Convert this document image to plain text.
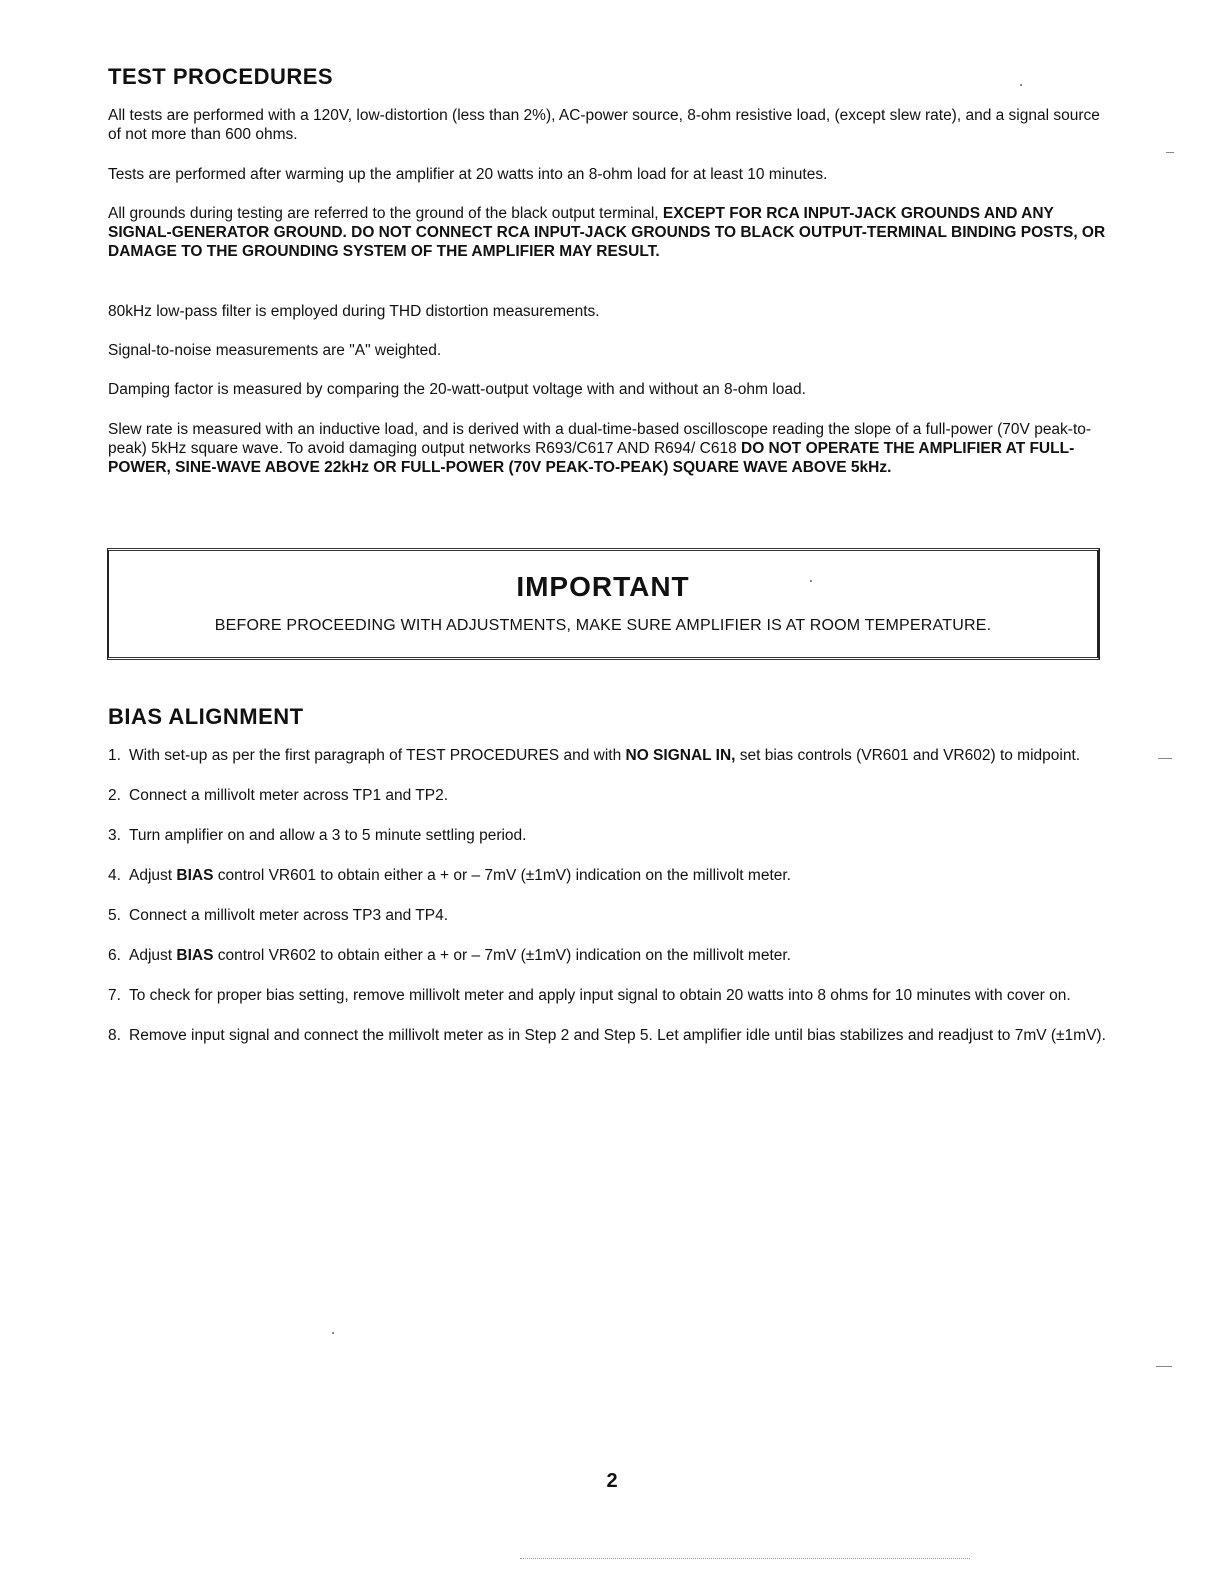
TEST PROCEDURES

All tests are performed with a 120V, low-distortion (less than 2%), AC-power source, 8-ohm resistive load, (except slew rate), and a signal source of not more than 600 ohms.

Tests are performed after warming up the amplifier at 20 watts into an 8-ohm load for at least 10 minutes.

All grounds during testing are referred to the ground of the black output terminal, EXCEPT FOR RCA INPUT-JACK GROUNDS AND ANY SIGNAL-GENERATOR GROUND. DO NOT CONNECT RCA INPUT-JACK GROUNDS TO BLACK OUTPUT-TERMINAL BINDING POSTS, OR DAMAGE TO THE GROUNDING SYSTEM OF THE AMPLIFIER MAY RESULT.

80kHz low-pass filter is employed during THD distortion measurements.

Signal-to-noise measurements are "A" weighted.

Damping factor is measured by comparing the 20-watt-output voltage with and without an 8-ohm load.

Slew rate is measured with an inductive load, and is derived with a dual-time-based oscilloscope reading the slope of a full-power (70V peak-to-peak) 5kHz square wave. To avoid damaging output networks R693/C617 AND R694/ C618 DO NOT OPERATE THE AMPLIFIER AT FULL-POWER, SINE-WAVE ABOVE 22kHz OR FULL-POWER (70V PEAK-TO-PEAK) SQUARE WAVE ABOVE 5kHz.

IMPORTANT
BEFORE PROCEEDING WITH ADJUSTMENTS, MAKE SURE AMPLIFIER IS AT ROOM TEMPERATURE.
BIAS ALIGNMENT
1. With set-up as per the first paragraph of TEST PROCEDURES and with NO SIGNAL IN, set bias controls (VR601 and VR602) to midpoint.
2. Connect a millivolt meter across TP1 and TP2.
3. Turn amplifier on and allow a 3 to 5 minute settling period.
4. Adjust BIAS control VR601 to obtain either a + or – 7mV (±1mV) indication on the millivolt meter.
5. Connect a millivolt meter across TP3 and TP4.
6. Adjust BIAS control VR602 to obtain either a + or – 7mV (±1mV) indication on the millivolt meter.
7. To check for proper bias setting, remove millivolt meter and apply input signal to obtain 20 watts into 8 ohms for 10 minutes with cover on.
8. Remove input signal and connect the millivolt meter as in Step 2 and Step 5. Let amplifier idle until bias stabilizes and readjust to 7mV (±1mV).
2
